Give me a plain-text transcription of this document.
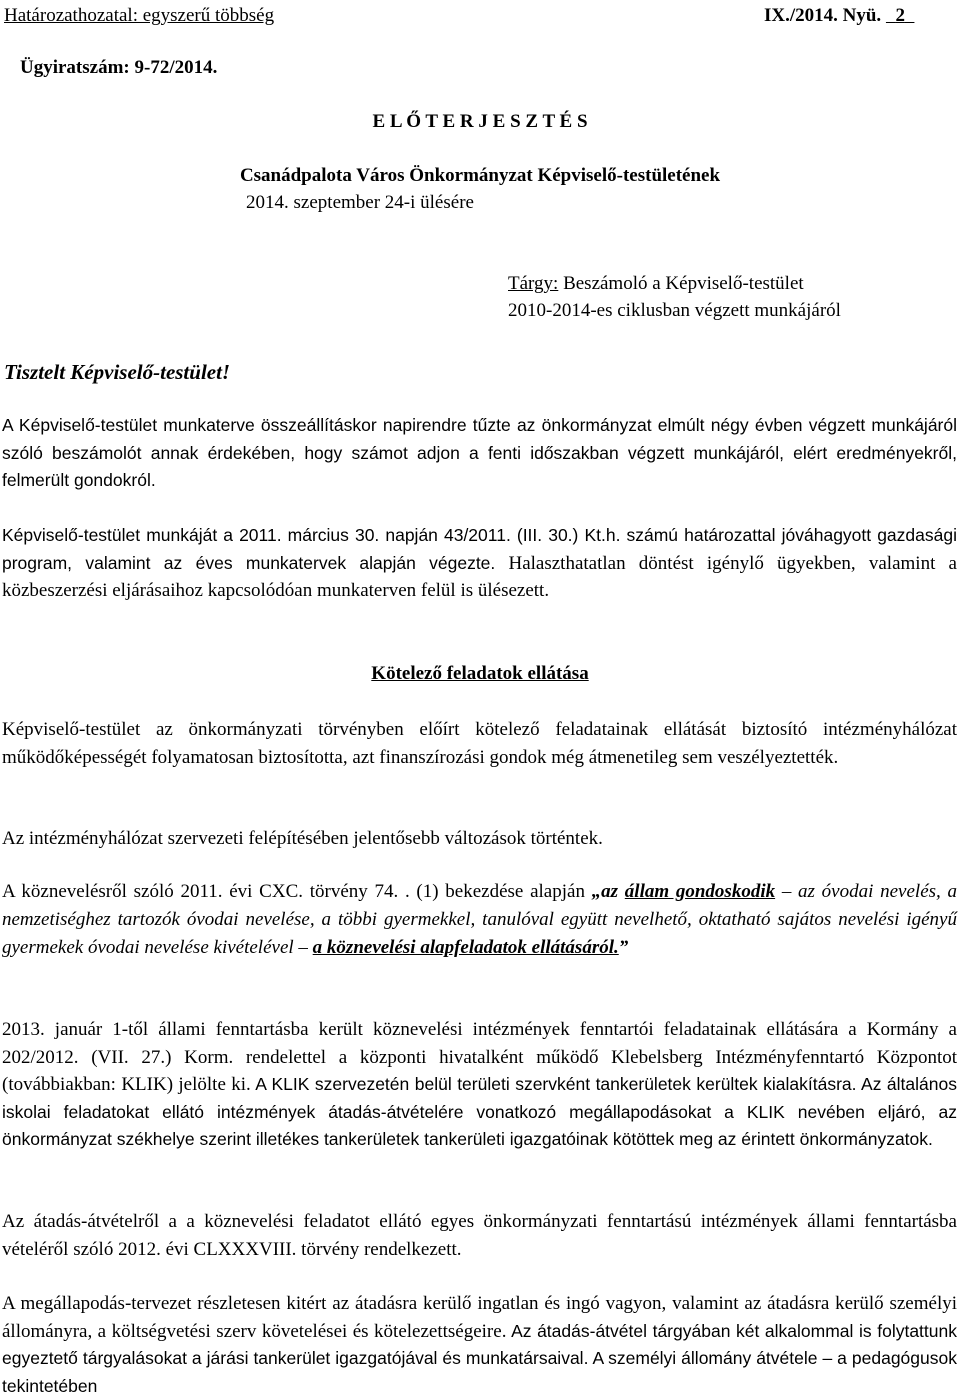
Határozathozatal: egyszerű többség	IX./2014. Nyü. 2
Ügyiratszám: 9-72/2014.
E L Ő T E R J E S Z T É S
Csanádpalota Város Önkormányzat Képviselő-testületének
2014. szeptember 24-i ülésére
Tárgy: Beszámoló a Képviselő-testület
2010-2014-es ciklusban végzett munkájáról
Tisztelt Képviselő-testület!

A Képviselő-testület munkaterve összeállításkor napirendre tűzte az önkormányzat elmúlt négy évben végzett munkájáról szóló beszámolót annak érdekében, hogy számot adjon a fenti időszakban végzett munkájáról, elért eredményekről, felmerült gondokról.

Képviselő-testület munkáját a 2011. március 30. napján 43/2011. (III. 30.) Kt.h. számú határozattal jóváhagyott gazdasági program, valamint az éves munkatervek alapján végezte. Halaszthatatlan döntést igénylő ügyekben, valamint a közbeszerzési eljárásaihoz kapcsolódóan munkaterven felül is ülésezett.

Kötelező feladatok ellátása

Képviselő-testület az önkormányzati törvényben előírt kötelező feladatainak ellátását biztosító intézményhálózat működőképességét folyamatosan biztosította, azt finanszírozási gondok még átmenetileg sem veszélyeztették.

Az intézményhálózat szervezeti felépítésében jelentősebb változások történtek.

A köznevelésről szóló 2011. évi CXC. törvény 74. . (1) bekezdése alapján „az állam gondoskodik – az óvodai nevelés, a nemzetiséghez tartozók óvodai nevelése, a többi gyermekkel, tanulóval együtt nevelhető, oktatható sajátos nevelési igényű gyermekek óvodai nevelése kivételével – a köznevelési alapfeladatok ellátásáról.”

2013. január 1-től állami fenntartásba került köznevelési intézmények fenntartói feladatainak ellátására a Kormány a 202/2012. (VII. 27.) Korm. rendelettel a központi hivatalként működő Klebelsberg Intézményfenntartó Központot (továbbiakban: KLIK) jelölte ki. A KLIK szervezetén belül területi szervként tankerületek kerültek kialakításra. Az általános iskolai feladatokat ellátó intézmények átadás-átvételére vonatkozó megállapodásokat a KLIK nevében eljáró, az önkormányzat székhelye szerint illetékes tankerületek tankerületi igazgatóinak kötöttek meg az érintett önkormányzatok.

Az átadás-átvételről a a köznevelési feladatot ellátó egyes önkormányzati fenntartású intézmények állami fenntartásba vételéről szóló 2012. évi CLXXXVIII. törvény rendelkezett.

A megállapodás-tervezet részletesen kitért az átadásra kerülő ingatlan és ingó vagyon, valamint az átadásra kerülő személyi állományra, a költségvetési szerv követelései és kötelezettségeire. Az átadás-átvétel tárgyában két alkalommal is folytattunk egyeztető tárgyalásokat a járási tankerület igazgatójával és munkatársaival. A személyi állomány átvétele – a pedagógusok tekintetében
